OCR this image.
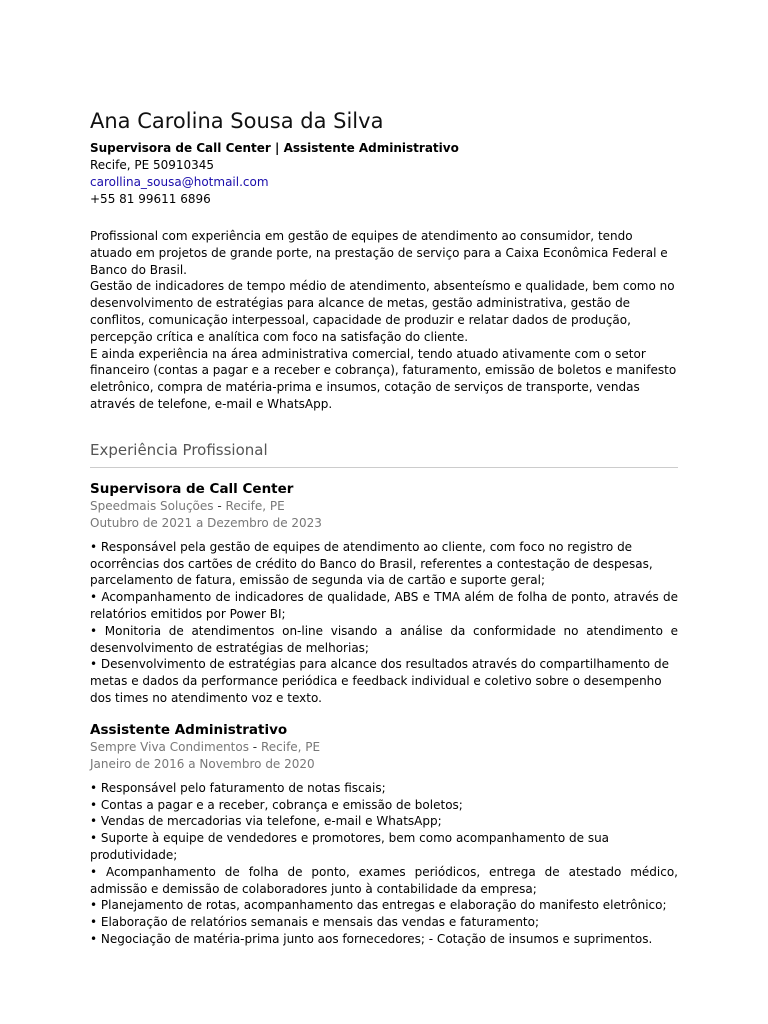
Ana Carolina Sousa da Silva

Supervisora de Call Center | Assistente Administrativo

Recife, PE 50910345

carollina_sousa@hotmail.com

+55 81 99611 6896

Profissional com experiência em gestão de equipes de atendimento ao consumidor, tendo atuado em projetos de grande porte, na prestação de serviço para a Caixa Econômica Federal e Banco do Brasil.

Gestão de indicadores de tempo médio de atendimento, absenteísmo e qualidade, bem como no desenvolvimento de estratégias para alcance de metas, gestão administrativa, gestão de conflitos, comunicação interpessoal, capacidade de produzir e relatar dados de produção, percepção crítica e analítica com foco na satisfação do cliente.

E ainda experiência na área administrativa comercial, tendo atuado ativamente com o setor financeiro (contas a pagar e a receber e cobrança), faturamento, emissão de boletos e manifesto eletrônico, compra de matéria-prima e insumos, cotação de serviços de transporte, vendas através de telefone, e-mail e WhatsApp.

Experiência Profissional

Supervisora de Call Center

Speedmais Soluções - Recife, PE

Outubro de 2021 a Dezembro de 2023

• Responsável pela gestão de equipes de atendimento ao cliente, com foco no registro de ocorrências dos cartões de crédito do Banco do Brasil, referentes a contestação de despesas, parcelamento de fatura, emissão de segunda via de cartão e suporte geral;

• Acompanhamento de indicadores de qualidade, ABS e TMA além de folha de ponto, através de relatórios emitidos por Power BI;

• Monitoria de atendimentos on-line visando a análise da conformidade no atendimento e desenvolvimento de estratégias de melhorias;

• Desenvolvimento de estratégias para alcance dos resultados através do compartilhamento de metas e dados da performance periódica e feedback individual e coletivo sobre o desempenho dos times no atendimento voz e texto.

Assistente Administrativo

Sempre Viva Condimentos - Recife, PE

Janeiro de 2016 a Novembro de 2020

• Responsável pelo faturamento de notas fiscais;

• Contas a pagar e a receber, cobrança e emissão de boletos;

• Vendas de mercadorias via telefone, e-mail e WhatsApp;

• Suporte à equipe de vendedores e promotores, bem como acompanhamento de sua produtividade;

• Acompanhamento de folha de ponto, exames periódicos, entrega de atestado médico, admissão e demissão de colaboradores junto à contabilidade da empresa;

• Planejamento de rotas, acompanhamento das entregas e elaboração do manifesto eletrônico;

• Elaboração de relatórios semanais e mensais das vendas e faturamento;

• Negociação de matéria-prima junto aos fornecedores; - Cotação de insumos e suprimentos.
